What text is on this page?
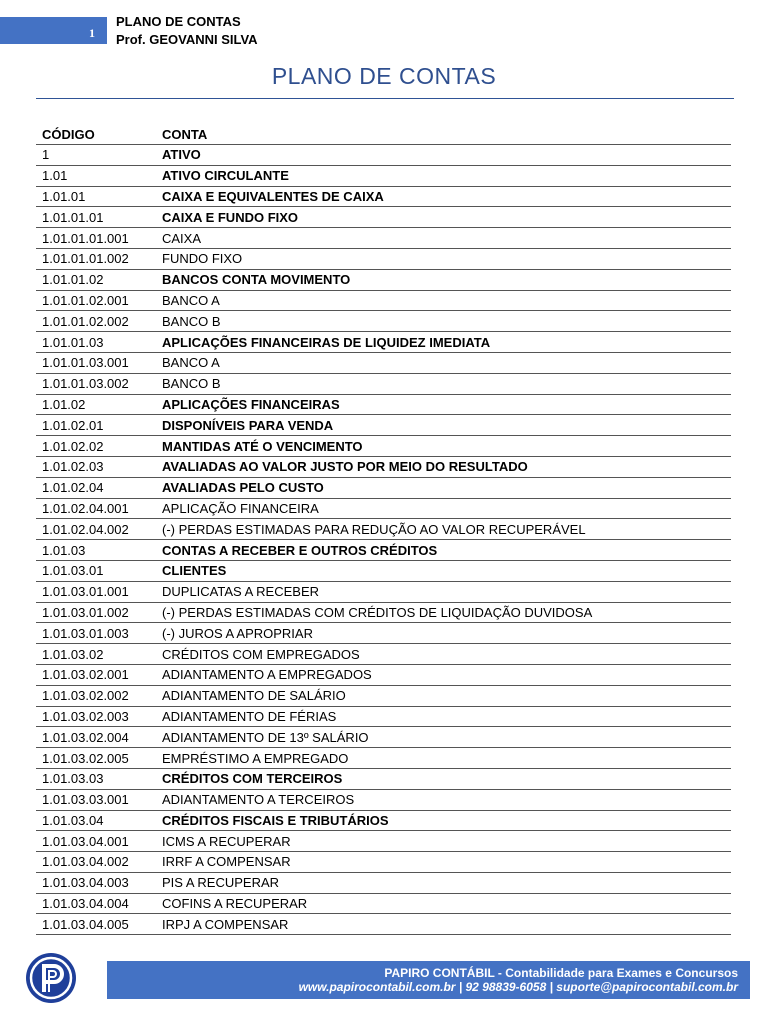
1
PLANO DE CONTAS
Prof. GEOVANNI SILVA
PLANO DE CONTAS
CÓDIGO	CONTA
1	ATIVO
1.01	ATIVO CIRCULANTE
1.01.01	CAIXA E EQUIVALENTES DE CAIXA
1.01.01.01	CAIXA E FUNDO FIXO
1.01.01.01.001	CAIXA
1.01.01.01.002	FUNDO FIXO
1.01.01.02	BANCOS CONTA MOVIMENTO
1.01.01.02.001	BANCO A
1.01.01.02.002	BANCO B
1.01.01.03	APLICAÇÕES FINANCEIRAS DE LIQUIDEZ IMEDIATA
1.01.01.03.001	BANCO A
1.01.01.03.002	BANCO B
1.01.02	APLICAÇÕES FINANCEIRAS
1.01.02.01	DISPONÍVEIS PARA VENDA
1.01.02.02	MANTIDAS ATÉ O VENCIMENTO
1.01.02.03	AVALIADAS AO VALOR JUSTO POR MEIO DO RESULTADO
1.01.02.04	AVALIADAS PELO CUSTO
1.01.02.04.001	APLICAÇÃO FINANCEIRA
1.01.02.04.002	(-) PERDAS ESTIMADAS PARA REDUÇÃO AO VALOR RECUPERÁVEL
1.01.03	CONTAS A RECEBER E OUTROS CRÉDITOS
1.01.03.01	CLIENTES
1.01.03.01.001	DUPLICATAS A RECEBER
1.01.03.01.002	(-) PERDAS ESTIMADAS COM CRÉDITOS DE LIQUIDAÇÃO DUVIDOSA
1.01.03.01.003	(-) JUROS A APROPRIAR
1.01.03.02	CRÉDITOS COM EMPREGADOS
1.01.03.02.001	ADIANTAMENTO A EMPREGADOS
1.01.03.02.002	ADIANTAMENTO DE SALÁRIO
1.01.03.02.003	ADIANTAMENTO DE FÉRIAS
1.01.03.02.004	ADIANTAMENTO DE 13º SALÁRIO
1.01.03.02.005	EMPRÉSTIMO A EMPREGADO
1.01.03.03	CRÉDITOS COM TERCEIROS
1.01.03.03.001	ADIANTAMENTO A TERCEIROS
1.01.03.04	CRÉDITOS FISCAIS E TRIBUTÁRIOS
1.01.03.04.001	ICMS A RECUPERAR
1.01.03.04.002	IRRF A COMPENSAR
1.01.03.04.003	PIS A RECUPERAR
1.01.03.04.004	COFINS A RECUPERAR
1.01.03.04.005	IRPJ A COMPENSAR
PAPIRO CONTÁBIL - Contabilidade para Exames e Concursos
www.papirocontabil.com.br | 92 98839-6058 | suporte@papirocontabil.com.br
